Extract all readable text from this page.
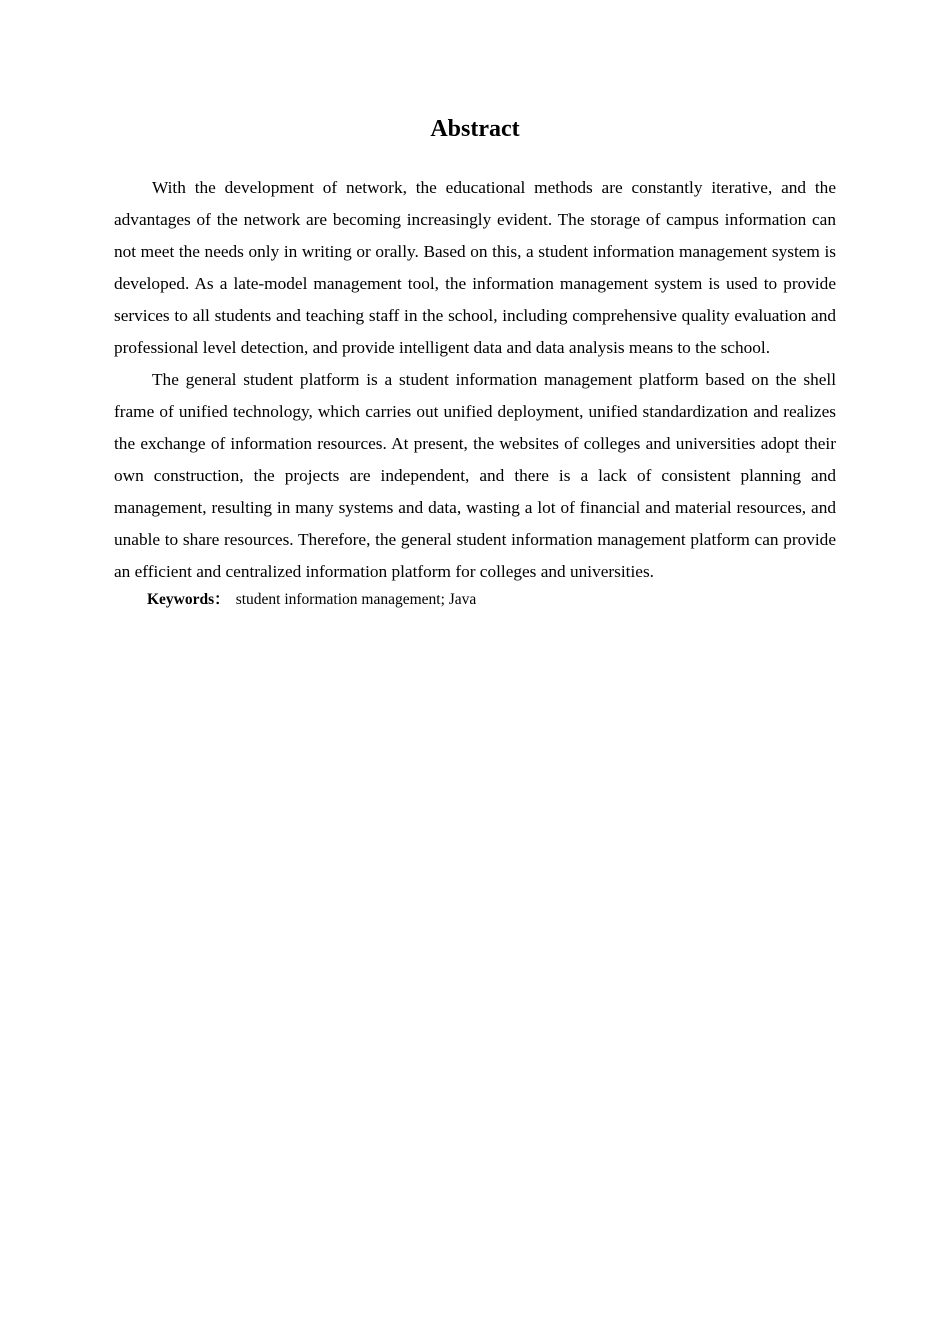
Abstract

With the development of network, the educational methods are constantly iterative, and the advantages of the network are becoming increasingly evident. The storage of campus information can not meet the needs only in writing or orally. Based on this, a student information management system is developed. As a late-model management tool, the information management system is used to provide services to all students and teaching staff in the school, including comprehensive quality evaluation and professional level detection, and provide intelligent data and data analysis means to the school.

The general student platform is a student information management platform based on the shell frame of unified technology, which carries out unified deployment, unified standardization and realizes the exchange of information resources. At present, the websites of colleges and universities adopt their own construction, the projects are independent, and there is a lack of consistent planning and management, resulting in many systems and data, wasting a lot of financial and material resources, and unable to share resources. Therefore, the general student information management platform can provide an efficient and centralized information platform for colleges and universities.

Keywords： student information management; Java
